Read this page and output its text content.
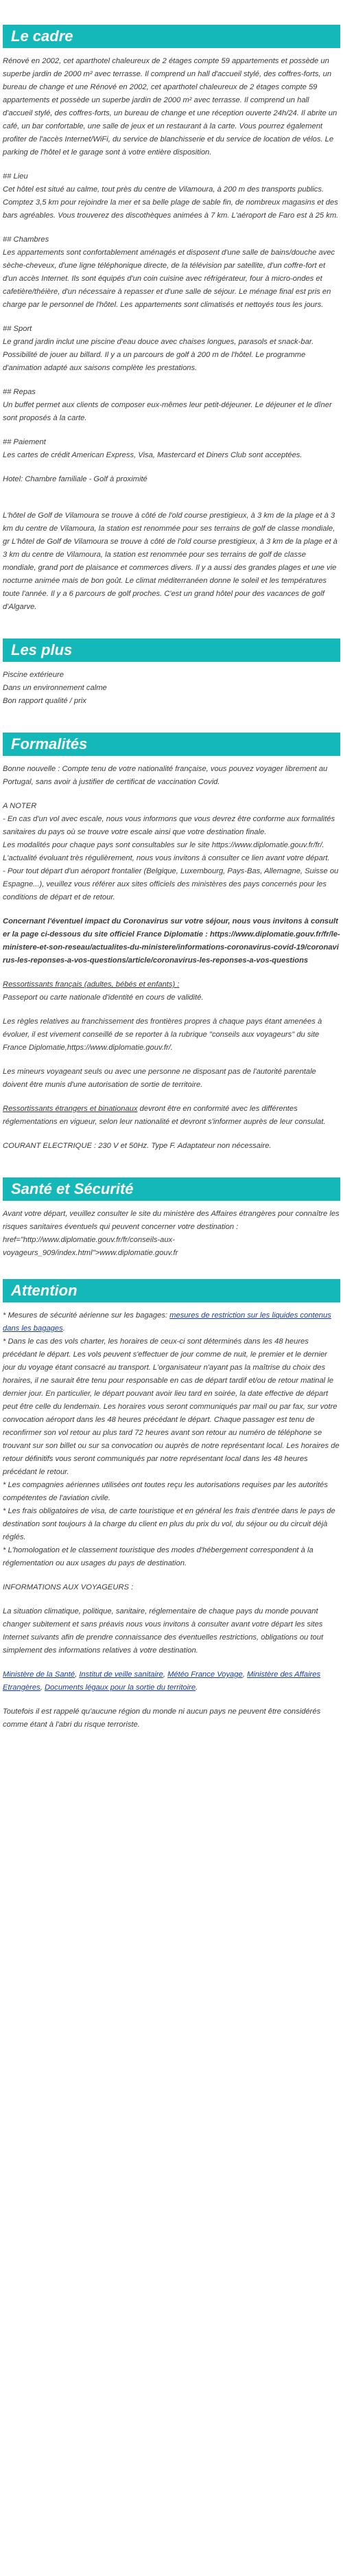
Le cadre

Rénové en 2002, cet aparthotel chaleureux de 2 étages compte 59 appartements et possède un superbe jardin de 2000 m² avec terrasse. Il comprend un hall d'accueil stylé, des coffres-forts, un bureau de change et une Rénové en 2002, cet aparthotel chaleureux de 2 étages compte 59 appartements et possède un superbe jardin de 2000 m² avec terrasse. Il comprend un hall d'accueil stylé, des coffres-forts, un bureau de change et une réception ouverte 24h/24. Il abrite un café, un bar confortable, une salle de jeux et un restaurant à la carte. Vous pourrez également profiter de l'accès Internet/WiFi, du service de blanchisserie et du service de location de vélos. Le parking de l'hôtel et le garage sont à votre entière disposition.

## Lieu

Cet hôtel est situé au calme, tout près du centre de Vilamoura, à 200 m des transports publics. Comptez 3,5 km pour rejoindre la mer et sa belle plage de sable fin, de nombreux magasins et des bars agréables. Vous trouverez des discothèques animées à 7 km. L'aéroport de Faro est à 25 km.

## Chambres

Les appartements sont confortablement aménagés et disposent d'une salle de bains/douche avec sèche-cheveux, d'une ligne téléphonique directe, de la télévision par satellite, d'un coffre-fort et d'un accès Internet. Ils sont équipés d'un coin cuisine avec réfrigérateur, four à micro-ondes et cafetière/théière, d'un nécessaire à repasser et d'une salle de séjour. Le ménage final est pris en charge par le personnel de l'hôtel. Les appartements sont climatisés et nettoyés tous les jours.

## Sport

Le grand jardin inclut une piscine d'eau douce avec chaises longues, parasols et snack-bar. Possibilité de jouer au billard. Il y a un parcours de golf à 200 m de l'hôtel. Le programme d'animation adapté aux saisons complète les prestations.

## Repas

Un buffet permet aux clients de composer eux-mêmes leur petit-déjeuner. Le déjeuner et le dîner sont proposés à la carte.

## Paiement

Les cartes de crédit American Express, Visa, Mastercard et Diners Club sont acceptées.

Hotel: Chambre familiale - Golf à proximité

L'hôtel de Golf de Vilamoura se trouve à côté de l'old course prestigieux, à 3 km de la plage et à 3 km du centre de Vilamoura, la station est renommée pour ses terrains de golf de classe mondiale, gr L'hôtel de Golf de Vilamoura se trouve à côté de l'old course prestigieux, à 3 km de la plage et à 3 km du centre de Vilamoura, la station est renommée pour ses terrains de golf de classe mondiale, grand port de plaisance et commerces divers. Il y a aussi des grandes plages et une vie nocturne animée mais de bon goût. Le climat méditerranéen donne le soleil et les températures toute l'année. Il y a 6 parcours de golf proches. C'est un grand hôtel pour des vacances de golf d'Algarve.

Les plus
Piscine extérieure
Dans un environnement calme
Bon rapport qualité / prix
Formalités

Bonne nouvelle : Compte tenu de votre nationalité française, vous pouvez voyager librement au Portugal, sans avoir à justifier de certificat de vaccination Covid.

A NOTER

- En cas d'un vol avec escale, nous vous informons que vous devrez être conforme aux formalités sanitaires du pays où se trouve votre escale ainsi que votre destination finale.

Les modalités pour chaque pays sont consultables sur le site https://www.diplomatie.gouv.fr/fr/. L'actualité évoluant très régulièrement, nous vous invitons à consulter ce lien avant votre départ.

- Pour tout départ d'un aéroport frontalier (Belgique, Luxembourg, Pays-Bas, Allemagne, Suisse ou Espagne...), veuillez vous référer aux sites officiels des ministères des pays concernés pour les conditions de départ et de retour.

Concernant l'éventuel impact du Coronavirus sur votre séjour, nous vous invitons à consulter la page ci-dessous du site officiel France Diplomatie : https://www.diplomatie.gouv.fr/fr/le-ministere-et-son-reseau/actualites-du-ministere/informations-coronavirus-covid-19/coronavirus-les-reponses-a-vos-questions/article/coronavirus-les-reponses-a-vos-questions

Ressortissants français (adultes, bébés et enfants) :

Passeport ou carte nationale d'identité en cours de validité.

Les règles relatives au franchissement des frontières propres à chaque pays étant amenées à évoluer, il est vivement conseillé de se reporter à la rubrique "conseils aux voyageurs" du site France Diplomatie,https://www.diplomatie.gouv.fr/.

Les mineurs voyageant seuls ou avec une personne ne disposant pas de l'autorité parentale doivent être munis d'une autorisation de sortie de territoire.

Ressortissants étrangers et binationaux devront être en conformité avec les différentes réglementations en vigueur, selon leur nationalité et devront s'informer auprès de leur consulat.

COURANT ELECTRIQUE : 230 V et 50Hz. Type F. Adaptateur non nécessaire.

Santé et Sécurité

Avant votre départ, veuillez consulter le site du ministère des Affaires étrangères pour connaître les risques sanitaires éventuels qui peuvent concerner votre destination : href="http://www.diplomatie.gouv.fr/fr/conseils-aux-voyageurs_909/index.html">www.diplomatie.gouv.fr

Attention

* Mesures de sécurité aérienne sur les bagages: mesures de restriction sur les liquides contenus dans les bagages.

* Dans le cas des vols charter, les horaires de ceux-ci sont déterminés dans les 48 heures précédant le départ. Les vols peuvent s'effectuer de jour comme de nuit, le premier et le dernier jour du voyage étant consacré au transport. L'organisateur n'ayant pas la maîtrise du choix des horaires, il ne saurait être tenu pour responsable en cas de départ tardif et/ou de retour matinal le dernier jour. En particulier, le départ pouvant avoir lieu tard en soirée, la date effective de départ peut être celle du lendemain. Les horaires vous seront communiqués par mail ou par fax, sur votre convocation aéroport dans les 48 heures précédant le départ. Chaque passager est tenu de reconfirmer son vol retour au plus tard 72 heures avant son retour au numéro de téléphone se trouvant sur son billet ou sur sa convocation ou auprès de notre représentant local. Les horaires de retour définitifs vous seront communiqués par notre représentant local dans les 48 heures précédant le retour.

* Les compagnies aériennes utilisées ont toutes reçu les autorisations requises par les autorités compétentes de l'aviation civile.

* Les frais obligatoires de visa, de carte touristique et en général les frais d'entrée dans le pays de destination sont toujours à la charge du client en plus du prix du vol, du séjour ou du circuit déjà réglés.

* L'homologation et le classement touristique des modes d'hébergement correspondent à la réglementation ou aux usages du pays de destination.

INFORMATIONS AUX VOYAGEURS :

La situation climatique, politique, sanitaire, réglementaire de chaque pays du monde pouvant changer subitement et sans préavis nous vous invitons à consulter avant votre départ les sites Internet suivants afin de prendre connaissance des éventuelles restrictions, obligations ou tout simplement des informations relatives à votre destination.

Ministère de la Santé, Institut de veille sanitaire, Météo France Voyage, Ministère des Affaires Etrangères, Documents légaux pour la sortie du territoire.

Toutefois il est rappelé qu'aucune région du monde ni aucun pays ne peuvent être considérés comme étant à l'abri du risque terroriste.
